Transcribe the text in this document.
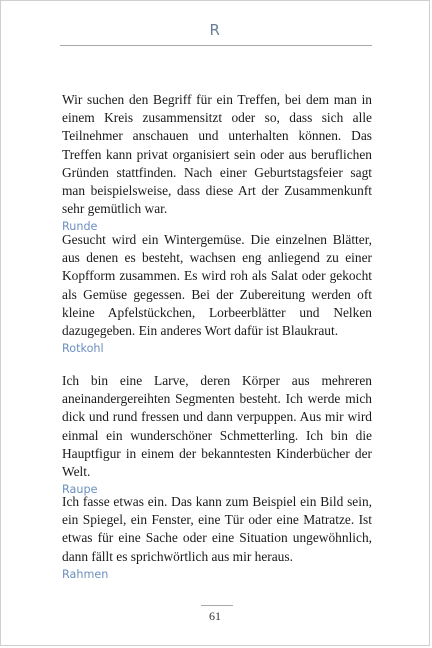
R

Wir suchen den Begriff für ein Treffen, bei dem man in einem Kreis zusammensitzt oder so, dass sich alle Teilnehmer anschauen und unterhalten können. Das Treffen kann privat organisiert sein oder aus beruflichen Gründen stattfinden. Nach einer Geburtstagsfeier sagt man beispielsweise, dass diese Art der Zusammenkunft sehr gemütlich war.

Runde

Gesucht wird ein Wintergemüse. Die einzelnen Blätter, aus denen es besteht, wachsen eng anliegend zu einer Kopfform zusammen. Es wird roh als Salat oder gekocht als Gemüse gegessen. Bei der Zubereitung werden oft kleine Apfelstückchen, Lorbeerblätter und Nelken dazugegeben. Ein anderes Wort dafür ist Blaukraut.

Rotkohl

Ich bin eine Larve, deren Körper aus mehreren aneinandergereihten Segmenten besteht. Ich werde mich dick und rund fressen und dann verpuppen. Aus mir wird einmal ein wunderschöner Schmetterling. Ich bin die Hauptfigur in einem der bekanntesten Kinderbücher der Welt.

Raupe

Ich fasse etwas ein. Das kann zum Beispiel ein Bild sein, ein Spiegel, ein Fenster, eine Tür oder eine Matratze. Ist etwas für eine Sache oder eine Situation ungewöhnlich, dann fällt es sprichwörtlich aus mir heraus.

Rahmen

61
